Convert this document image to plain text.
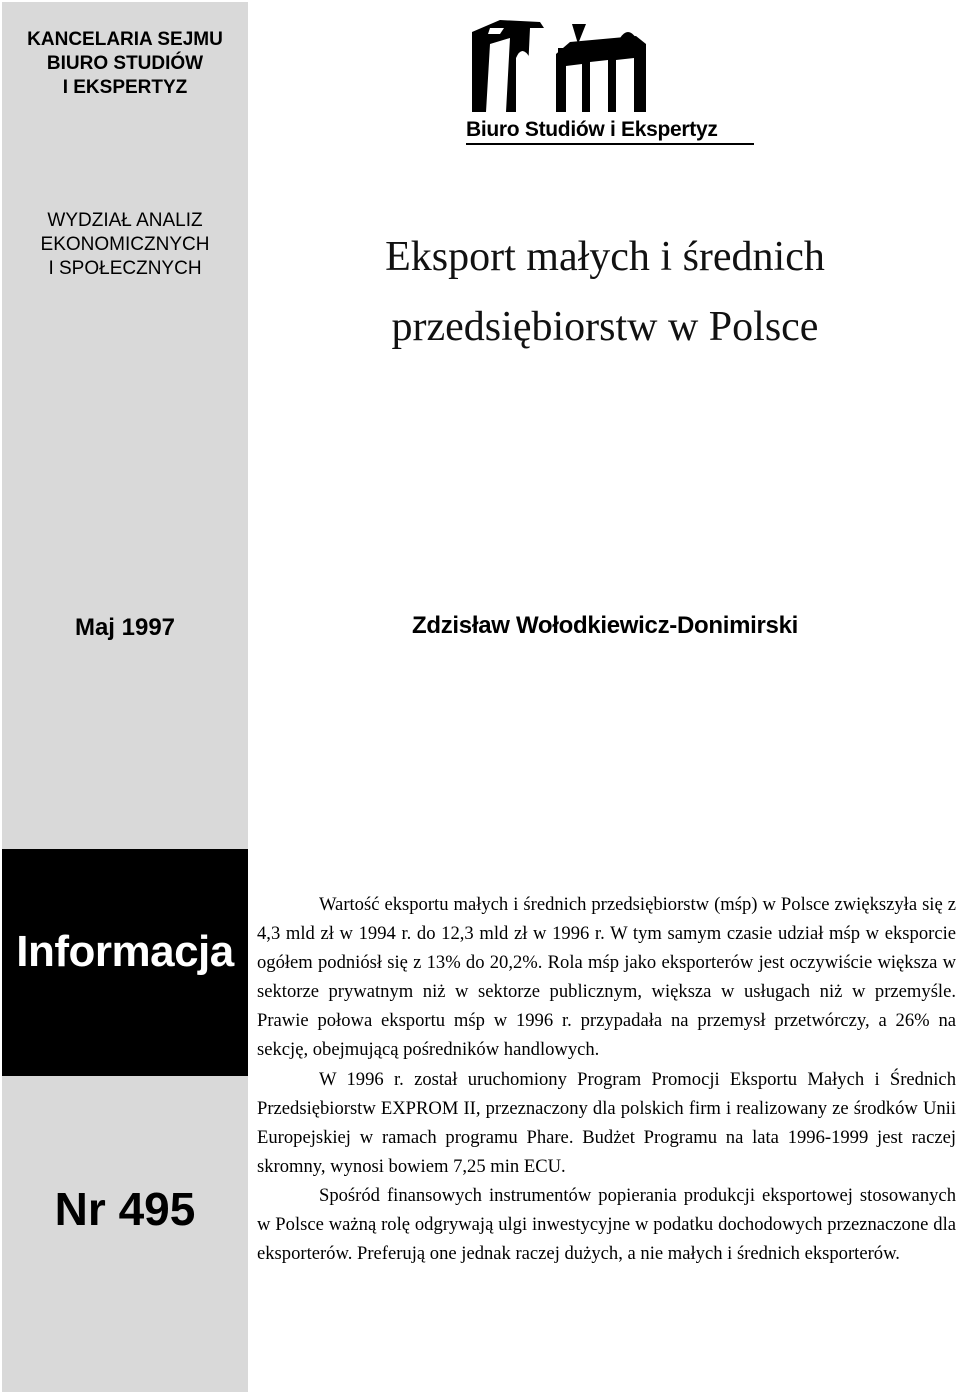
KANCELARIA SEJMU
BIURO STUDIÓW
I EKSPERTYZ
WYDZIAŁ ANALIZ
EKONOMICZNYCH
I SPOŁECZNYCH
Maj 1997
Informacja
Nr 495
Biuro Studiów i Ekspertyz
Eksport małych i średnich
przedsiębiorstw w Polsce
Zdzisław Wołodkiewicz-Donimirski

Wartość eksportu małych i średnich przedsiębiorstw (mśp) w Polsce zwiększyła się z 4,3 mld zł w 1994 r. do 12,3 mld zł w 1996 r. W tym samym czasie udział mśp w eksporcie ogółem podniósł się z 13% do 20,2%. Rola mśp jako eksporterów jest oczywiście większa w sektorze prywatnym niż w sektorze publicznym, większa w usługach niż w przemyśle. Prawie połowa eksportu mśp w 1996 r. przypadała na przemysł przetwórczy, a 26% na sekcję, obejmującą pośredników handlowych.

W 1996 r. został uruchomiony Program Promocji Eksportu Małych i Średnich Przedsiębiorstw EXPROM II, przeznaczony dla polskich firm i realizowany ze środków Unii Europejskiej w ramach programu Phare. Budżet Programu na lata 1996-1999 jest raczej skromny, wynosi bowiem 7,25 min ECU.

Spośród finansowych instrumentów popierania produkcji eksportowej stosowanych w Polsce ważną rolę odgrywają ulgi inwestycyjne w podatku dochodowych przeznaczone dla eksporterów. Preferują one jednak raczej dużych, a nie małych i średnich eksporterów.
